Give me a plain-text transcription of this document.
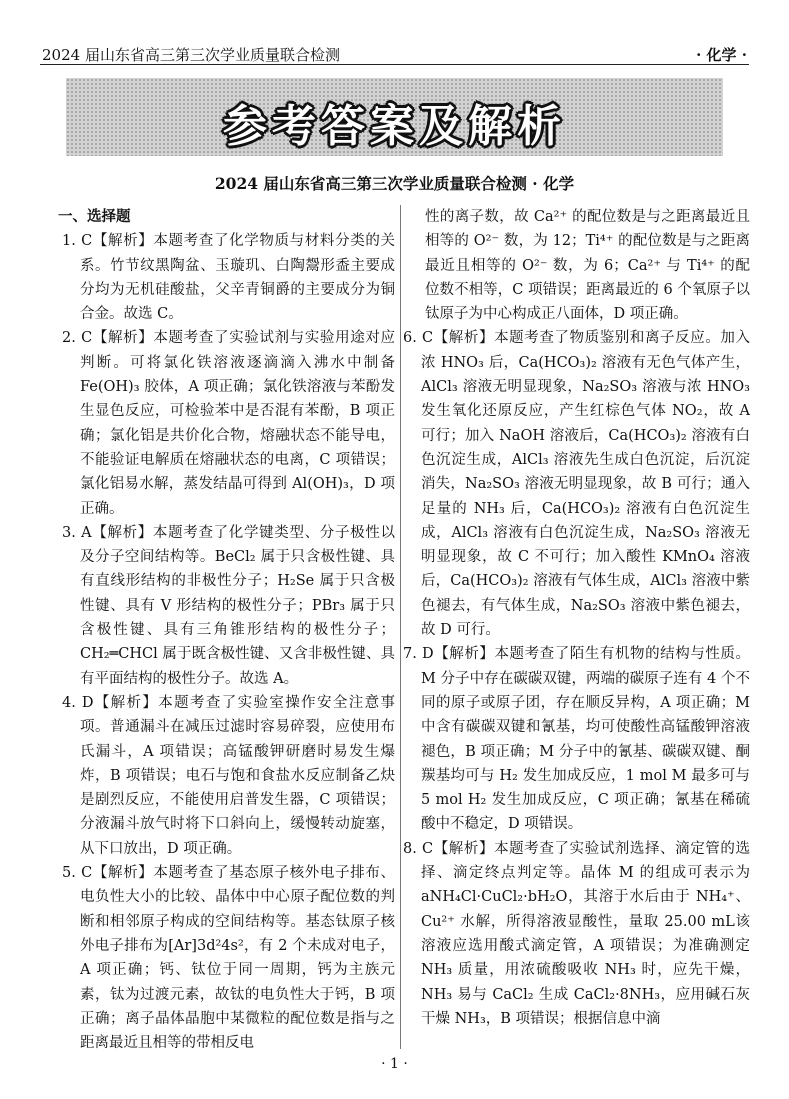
2024 届山东省高三第三次学业质量联合检测	· 化学 ·
参考答案及解析
2024 届山东省高三第三次学业质量联合检测 · 化学
一、选择题
1. C【解析】本题考查了化学物质与材料分类的关系。竹节纹黑陶盆、玉璇玑、白陶鬶形盉主要成分均为无机硅酸盐，父辛青铜爵的主要成分为铜合金。故选 C。
2. C【解析】本题考查了实验试剂与实验用途对应判断。可将氯化铁溶液逐滴滴入沸水中制备 Fe(OH)₃ 胶体，A 项正确；氯化铁溶液与苯酚发生显色反应，可检验苯中是否混有苯酚，B 项正确；氯化铝是共价化合物，熔融状态不能导电，不能验证电解质在熔融状态的电离，C 项错误；氯化铝易水解，蒸发结晶可得到 Al(OH)₃，D 项正确。
3. A【解析】本题考查了化学键类型、分子极性以及分子空间结构等。BeCl₂ 属于只含极性键、具有直线形结构的非极性分子；H₂Se 属于只含极性键、具有 V 形结构的极性分子；PBr₃ 属于只含极性键、具有三角锥形结构的极性分子；CH₂═CHCl 属于既含极性键、又含非极性键、具有平面结构的极性分子。故选 A。
4. D【解析】本题考查了实验室操作安全注意事项。普通漏斗在减压过滤时容易碎裂，应使用布氏漏斗，A 项错误；高锰酸钾研磨时易发生爆炸，B 项错误；电石与饱和食盐水反应制备乙炔是剧烈反应，不能使用启普发生器，C 项错误；分液漏斗放气时将下口斜向上，缓慢转动旋塞，从下口放出，D 项正确。
5. C【解析】本题考查了基态原子核外电子排布、电负性大小的比较、晶体中中心原子配位数的判断和相邻原子构成的空间结构等。基态钛原子核外电子排布为[Ar]3d²4s²，有 2 个未成对电子，A 项正确；钙、钛位于同一周期，钙为主族元素，钛为过渡元素，故钛的电负性大于钙，B 项正确；离子晶体晶胞中某微粒的配位数是指与之距离最近且相等的带相反电
性的离子数，故 Ca²⁺ 的配位数是与之距离最近且相等的 O²⁻ 数，为 12；Ti⁴⁺ 的配位数是与之距离最近且相等的 O²⁻ 数，为 6；Ca²⁺ 与 Ti⁴⁺ 的配位数不相等，C 项错误；距离最近的 6 个氧原子以钛原子为中心构成正八面体，D 项正确。
6. C【解析】本题考查了物质鉴别和离子反应。加入浓 HNO₃ 后，Ca(HCO₃)₂ 溶液有无色气体产生，AlCl₃ 溶液无明显现象，Na₂SO₃ 溶液与浓 HNO₃ 发生氧化还原反应，产生红棕色气体 NO₂，故 A 可行；加入 NaOH 溶液后，Ca(HCO₃)₂ 溶液有白色沉淀生成，AlCl₃ 溶液先生成白色沉淀，后沉淀消失，Na₂SO₃ 溶液无明显现象，故 B 可行；通入足量的 NH₃ 后，Ca(HCO₃)₂ 溶液有白色沉淀生成，AlCl₃ 溶液有白色沉淀生成，Na₂SO₃ 溶液无明显现象，故 C 不可行；加入酸性 KMnO₄ 溶液后，Ca(HCO₃)₂ 溶液有气体生成，AlCl₃ 溶液中紫色褪去，有气体生成，Na₂SO₃ 溶液中紫色褪去，故 D 可行。
7. D【解析】本题考查了陌生有机物的结构与性质。M 分子中存在碳碳双键，两端的碳原子连有 4 个不同的原子或原子团，存在顺反异构，A 项正确；M 中含有碳碳双键和氰基，均可使酸性高锰酸钾溶液褪色，B 项正确；M 分子中的氰基、碳碳双键、酮羰基均可与 H₂ 发生加成反应，1 mol M 最多可与 5 mol H₂ 发生加成反应，C 项正确；氰基在稀硫酸中不稳定，D 项错误。
8. C【解析】本题考查了实验试剂选择、滴定管的选择、滴定终点判定等。晶体 M 的组成可表示为 aNH₄Cl·CuCl₂·bH₂O，其溶于水后由于 NH₄⁺、Cu²⁺ 水解，所得溶液显酸性，量取 25.00 mL该溶液应选用酸式滴定管，A 项错误；为准确测定 NH₃ 质量，用浓硫酸吸收 NH₃ 时，应先干燥，NH₃ 易与 CaCl₂ 生成 CaCl₂·8NH₃，应用碱石灰干燥 NH₃，B 项错误；根据信息中滴
· 1 ·
